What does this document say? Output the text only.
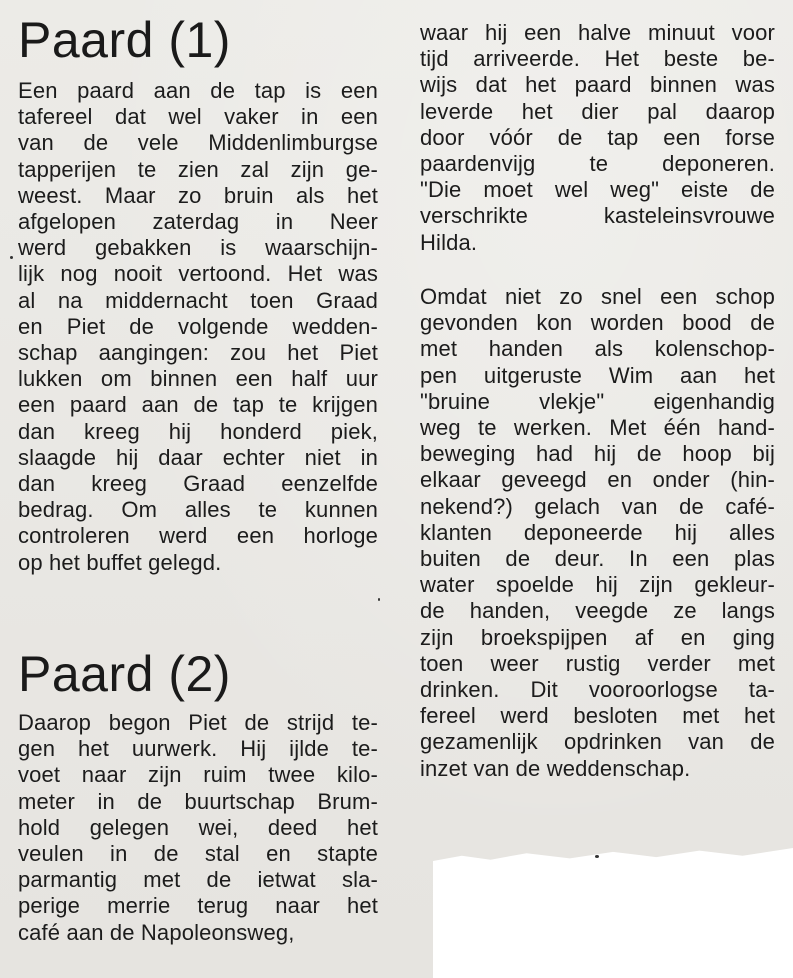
Paard (1)
Een paard aan de tap is een
tafereel dat wel vaker in een
van de vele Middenlimburgse
tapperijen te zien zal zijn ge-
weest. Maar zo bruin als het
afgelopen zaterdag in Neer
werd gebakken is waarschijn-
lijk nog nooit vertoond. Het was
al na middernacht toen Graad
en Piet de volgende wedden-
schap aangingen: zou het Piet
lukken om binnen een half uur
een paard aan de tap te krijgen
dan kreeg hij honderd piek,
slaagde hij daar echter niet in
dan kreeg Graad eenzelfde
bedrag. Om alles te kunnen
controleren werd een horloge
op het buffet gelegd.
Paard (2)
Daarop begon Piet de strijd te-
gen het uurwerk. Hij ijlde te-
voet naar zijn ruim twee kilo-
meter in de buurtschap Brum-
hold gelegen wei, deed het
veulen in de stal en stapte
parmantig met de ietwat sla-
perige merrie terug naar het
café aan de Napoleonsweg,
waar hij een halve minuut voor
tijd arriveerde. Het beste be-
wijs dat het paard binnen was
leverde het dier pal daarop
door vóór de tap een forse
paardenvijg te deponeren.
"Die moet wel weg" eiste de
verschrikte kasteleinsvrouwe
Hilda.
Omdat niet zo snel een schop
gevonden kon worden bood de
met handen als kolenschop-
pen uitgeruste Wim aan het
"bruine vlekje" eigenhandig
weg te werken. Met één hand-
beweging had hij de hoop bij
elkaar geveegd en onder (hin-
nekend?) gelach van de café-
klanten deponeerde hij alles
buiten de deur. In een plas
water spoelde hij zijn gekleur-
de handen, veegde ze langs
zijn broekspijpen af en ging
toen weer rustig verder met
drinken. Dit vooroorlogse ta-
fereel werd besloten met het
gezamenlijk opdrinken van de
inzet van de weddenschap.
